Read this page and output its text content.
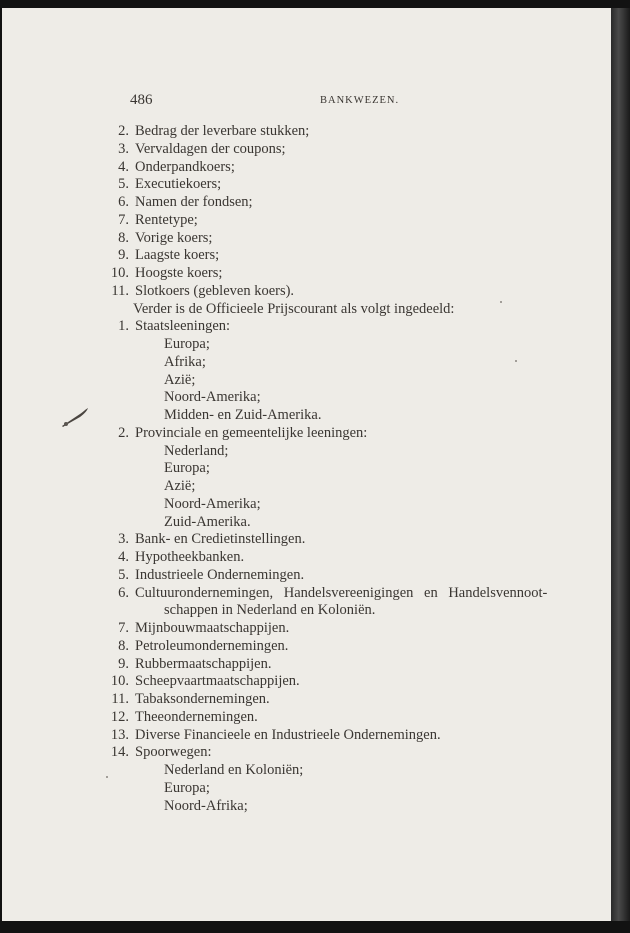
486	BANKWEZEN.
2. Bedrag der leverbare stukken;
3. Vervaldagen der coupons;
4. Onderpandkoers;
5. Executiekoers;
6. Namen der fondsen;
7. Rentetype;
8. Vorige koers;
9. Laagste koers;
10. Hoogste koers;
11. Slotkoers (gebleven koers).
Verder is de Officieele Prijscourant als volgt ingedeeld:
1. Staatsleeningen:
Europa;
Afrika;
Azië;
Noord-Amerika;
Midden- en Zuid-Amerika.
2. Provinciale en gemeentelijke leeningen:
Nederland;
Europa;
Azië;
Noord-Amerika;
Zuid-Amerika.
3. Bank- en Credietinstellingen.
4. Hypotheekbanken.
5. Industrieele Ondernemingen.
6. Cultuurondernemingen, Handelsvereenigingen en Handelsvennoot-
schappen in Nederland en Koloniën.
7. Mijnbouwmaatschappijen.
8. Petroleumondernemingen.
9. Rubbermaatschappijen.
10. Scheepvaartmaatschappijen.
11. Tabaksondernemingen.
12. Theeondernemingen.
13. Diverse Financieele en Industrieele Ondernemingen.
14. Spoorwegen:
Nederland en Koloniën;
Europa;
Noord-Afrika;
